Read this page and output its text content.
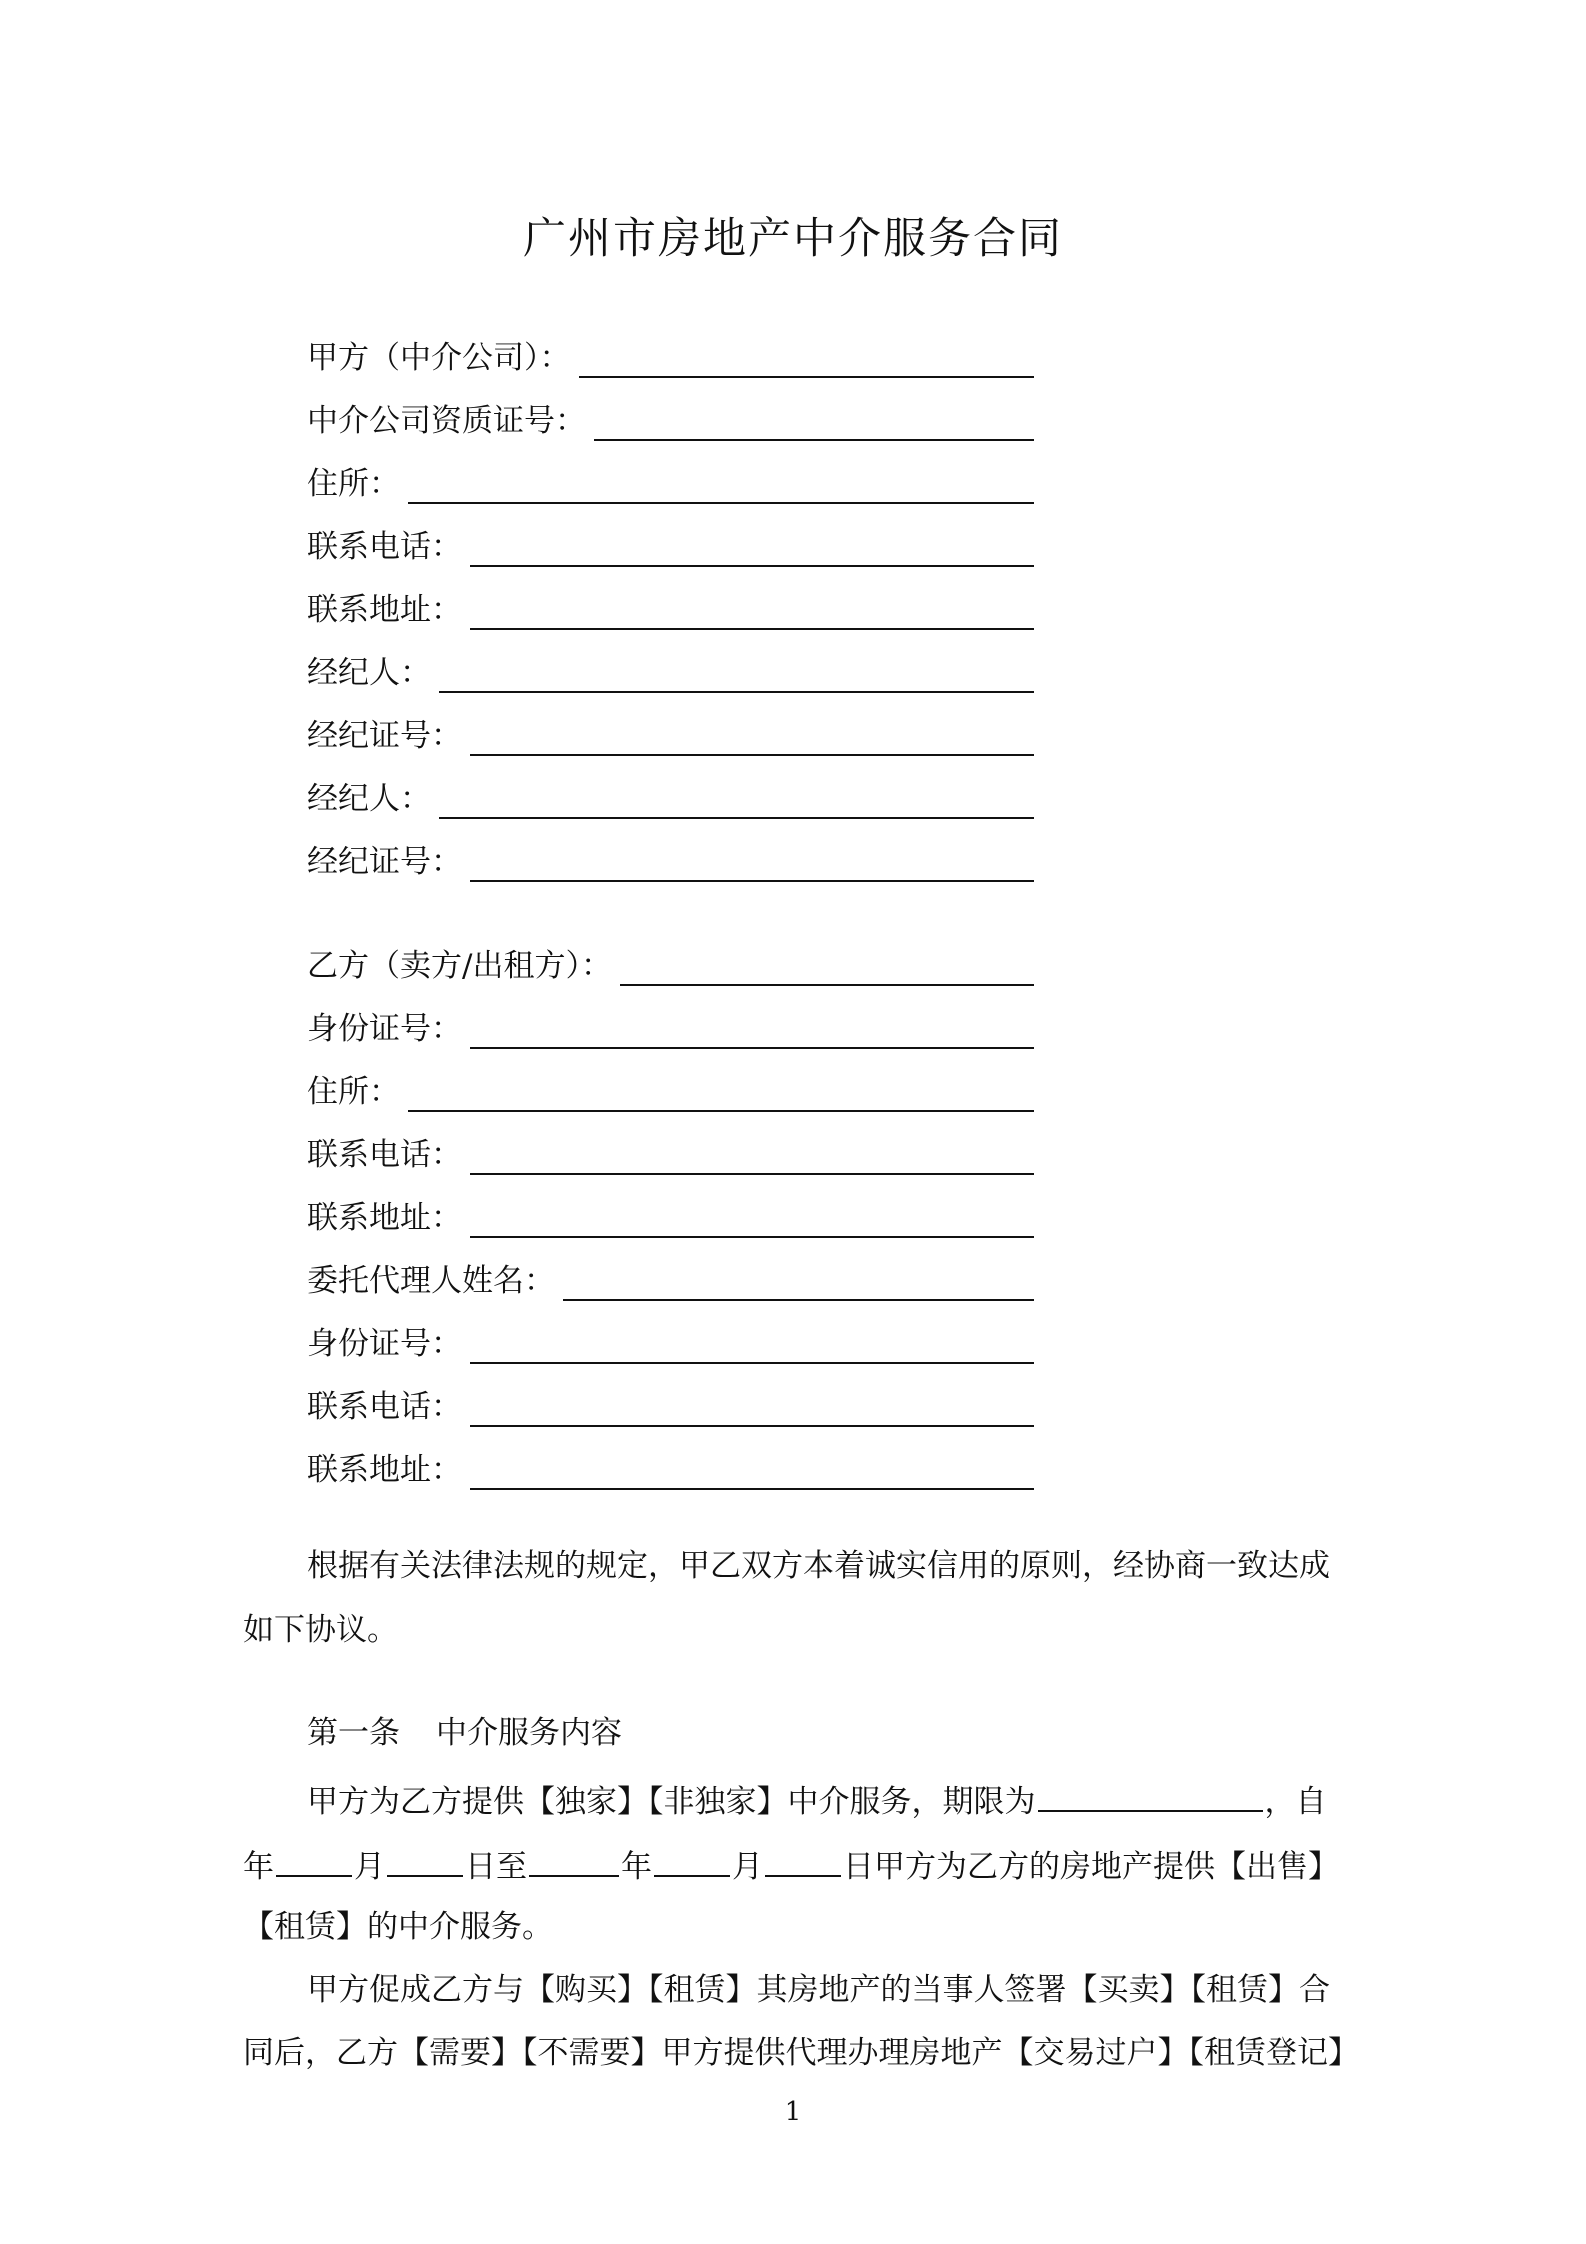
广州市房地产中介服务合同
甲方（中介公司）：
中介公司资质证号：
住所：
联系电话：
联系地址：
经纪人：
经纪证号：
经纪人：
经纪证号：
乙方（卖方/出租方）：
身份证号：
住所：
联系电话：
联系地址：
委托代理人姓名：
身份证号：
联系电话：
联系地址：
根据有关法律法规的规定，甲乙双方本着诚实信用的原则，经协商一致达成
如下协议。
第一条 中介服务内容
甲方为乙方提供【独家】【非独家】中介服务，期限为	，自
年	月	日至	年	月	日甲方为乙方的房地产提供【出售】
【租赁】的中介服务。
甲方促成乙方与【购买】【租赁】其房地产的当事人签署【买卖】【租赁】合
同后，乙方【需要】【不需要】甲方提供代理办理房地产【交易过户】【租赁登记】
1
